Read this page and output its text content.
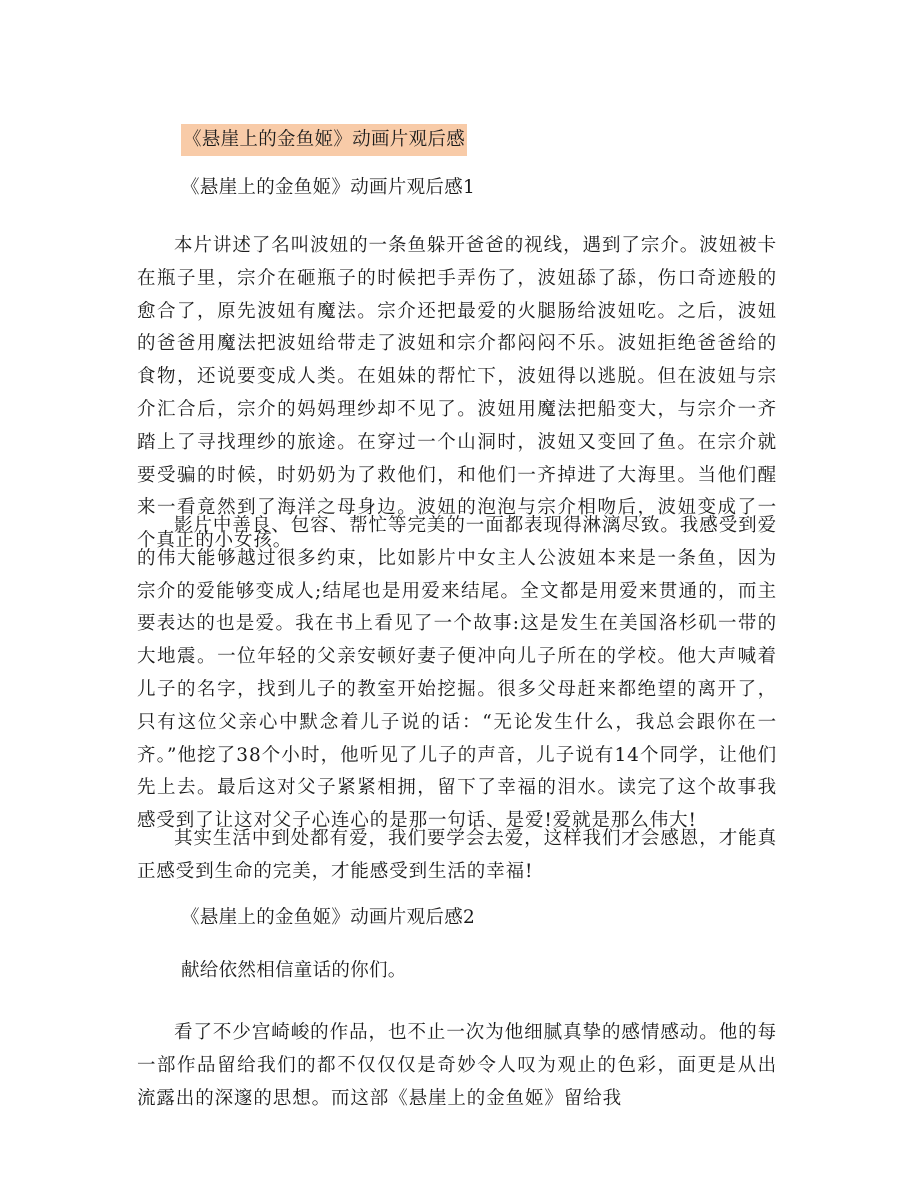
《悬崖上的金鱼姬》动画片观后感

《悬崖上的金鱼姬》动画片观后感1

本片讲述了名叫波妞的一条鱼躲开爸爸的视线，遇到了宗介。波妞被卡在瓶子里，宗介在砸瓶子的时候把手弄伤了，波妞舔了舔，伤口奇迹般的愈合了，原先波妞有魔法。宗介还把最爱的火腿肠给波妞吃。之后，波妞的爸爸用魔法把波妞给带走了波妞和宗介都闷闷不乐。波妞拒绝爸爸给的食物，还说要变成人类。在姐妹的帮忙下，波妞得以逃脱。但在波妞与宗介汇合后，宗介的妈妈理纱却不见了。波妞用魔法把船变大，与宗介一齐踏上了寻找理纱的旅途。在穿过一个山洞时，波妞又变回了鱼。在宗介就要受骗的时候，时奶奶为了救他们，和他们一齐掉进了大海里。当他们醒来一看竟然到了海洋之母身边。波妞的泡泡与宗介相吻后，波妞变成了一个真正的小女孩。

影片中善良、包容、帮忙等完美的一面都表现得淋漓尽致。我感受到爱的伟大能够越过很多约束，比如影片中女主人公波妞本来是一条鱼，因为宗介的爱能够变成人;结尾也是用爱来结尾。全文都是用爱来贯通的，而主要表达的也是爱。我在书上看见了一个故事:这是发生在美国洛杉矶一带的大地震。一位年轻的父亲安顿好妻子便冲向儿子所在的学校。他大声喊着儿子的名字，找到儿子的教室开始挖掘。很多父母赶来都绝望的离开了，只有这位父亲心中默念着儿子说的话：“无论发生什么，我总会跟你在一齐。”他挖了38个小时，他听见了儿子的声音，儿子说有14个同学，让他们先上去。最后这对父子紧紧相拥，留下了幸福的泪水。读完了这个故事我感受到了让这对父子心连心的是那一句话、是爱!爱就是那么伟大!

其实生活中到处都有爱，我们要学会去爱，这样我们才会感恩，才能真正感受到生命的完美，才能感受到生活的幸福!

《悬崖上的金鱼姬》动画片观后感2

献给依然相信童话的你们。

看了不少宫崎峻的作品，也不止一次为他细腻真挚的感情感动。他的每一部作品留给我们的都不仅仅仅是奇妙令人叹为观止的色彩，面更是从出流露出的深邃的思想。而这部《悬崖上的金鱼姬》留给我
